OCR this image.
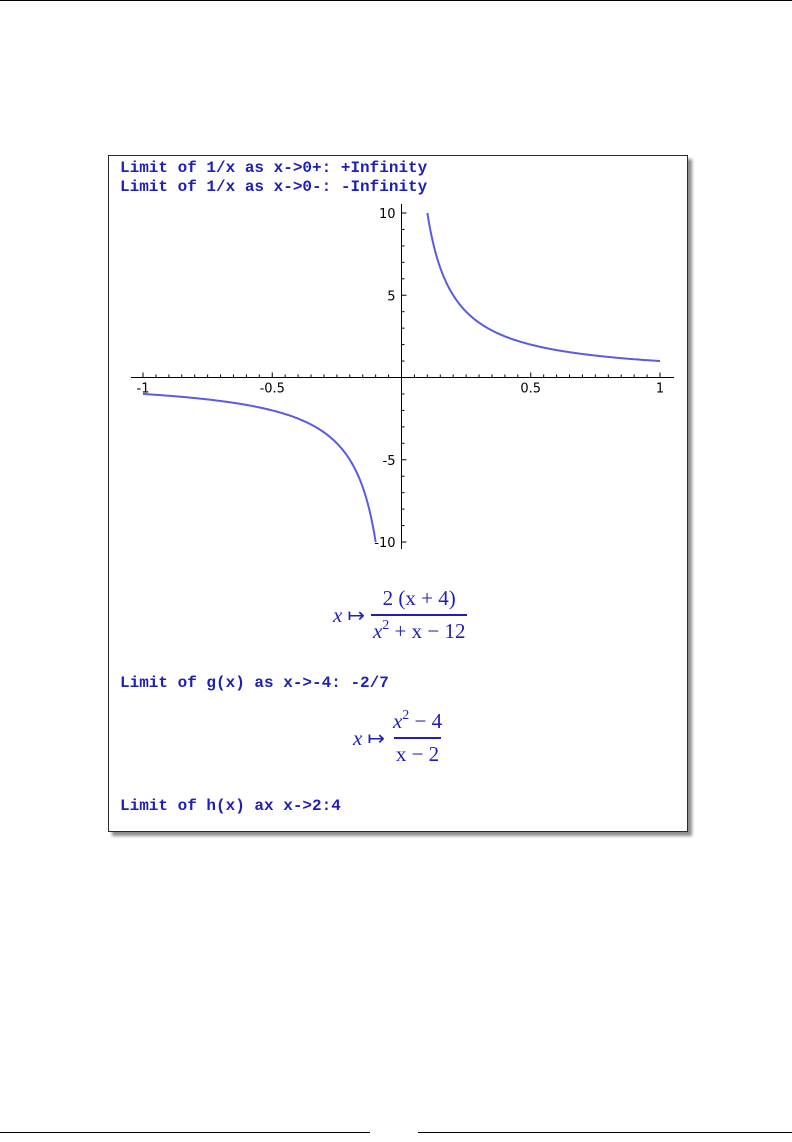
Limit of 1/x as x->0+: +Infinity
Limit of 1/x as x->0-: -Infinity
-1	-0.5	0.5	1
10
5
-5
-10
x ↦ $\frac{2 (x + 4)}{x^2 + x - 12}$
Limit of g(x) as x->-4: -2/7
x ↦ $\frac{x^2 - 4}{x - 2}$
Limit of h(x) ax x->2:4
